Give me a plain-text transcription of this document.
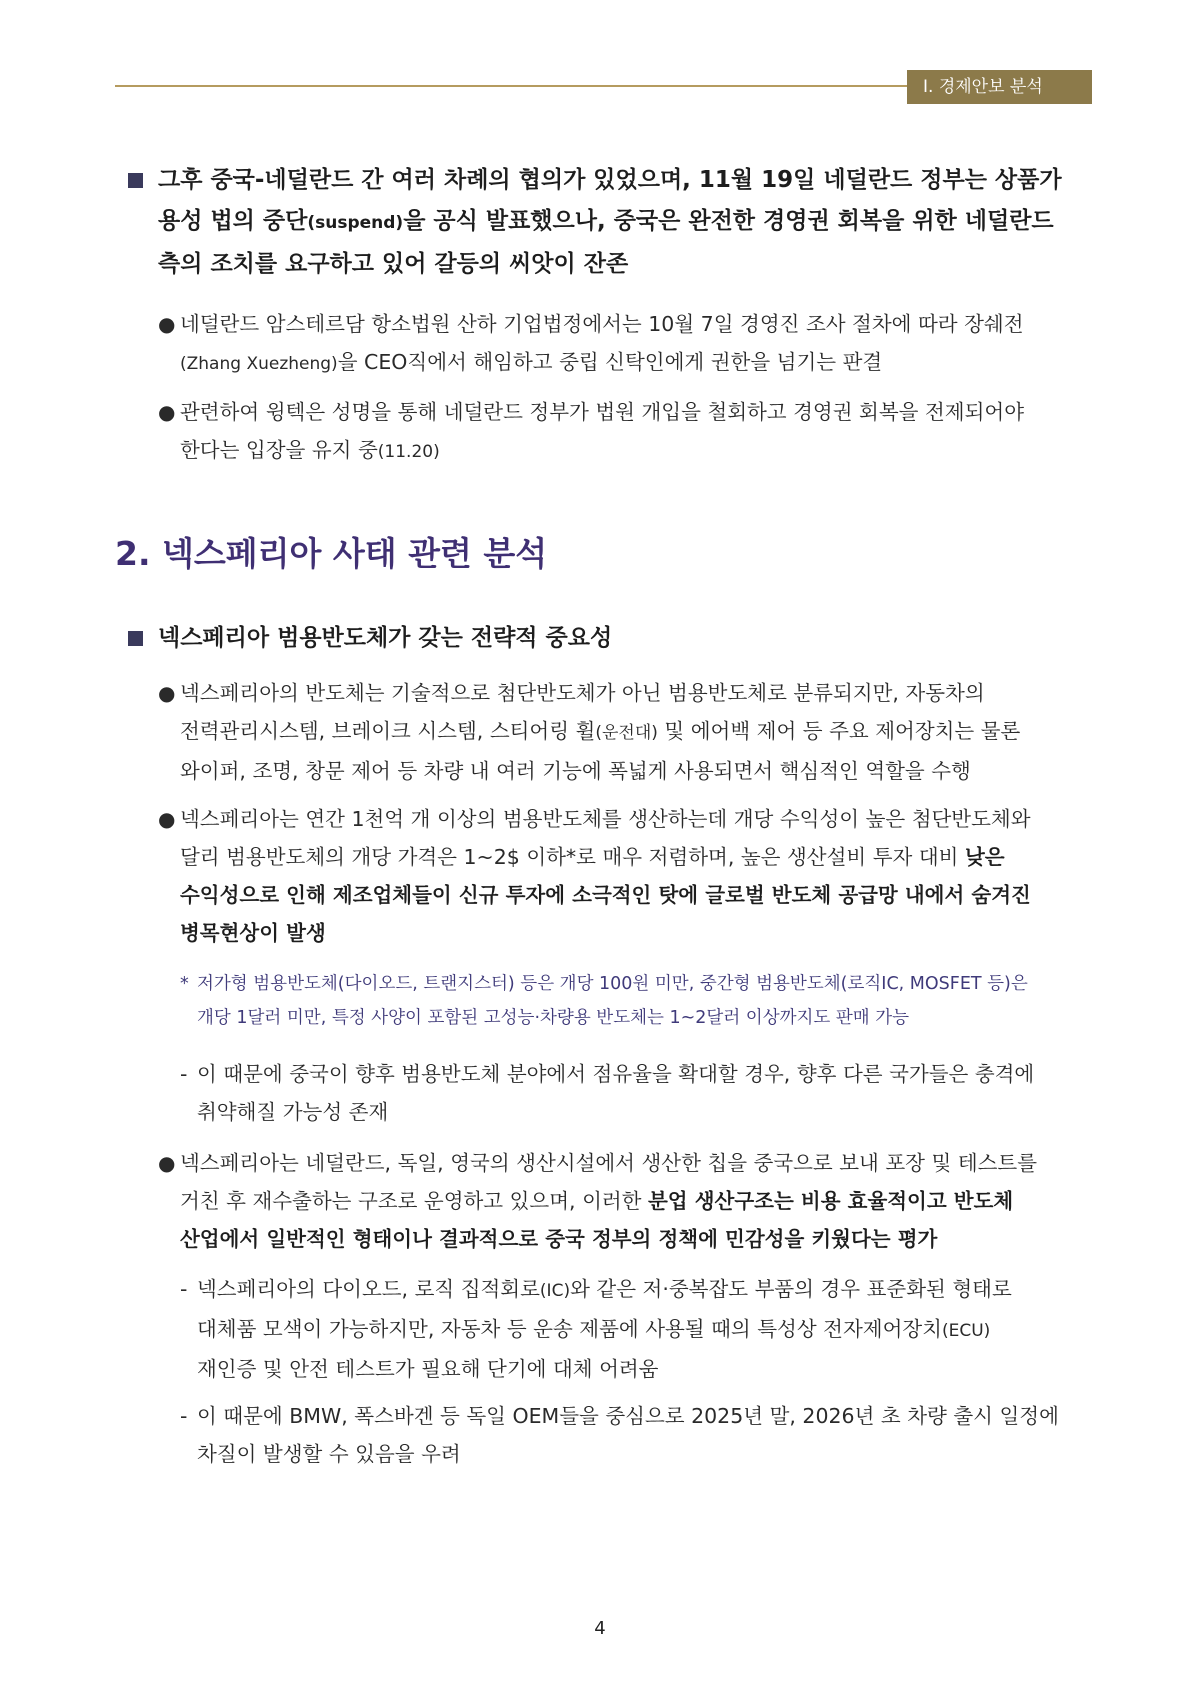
Ⅰ. 경제안보 분석
그후 중국-네덜란드 간 여러 차례의 협의가 있었으며, 11월 19일 네덜란드 정부는 상품가
용성 법의 중단(suspend)을 공식 발표했으나, 중국은 완전한 경영권 회복을 위한 네덜란드
측의 조치를 요구하고 있어 갈등의 씨앗이 잔존
● 네덜란드 암스테르담 항소법원 산하 기업법정에서는 10월 7일 경영진 조사 절차에 따라 장쉐전
(Zhang Xuezheng)을 CEO직에서 해임하고 중립 신탁인에게 권한을 넘기는 판결
● 관련하여 윙텍은 성명을 통해 네덜란드 정부가 법원 개입을 철회하고 경영권 회복을 전제되어야
한다는 입장을 유지 중(11.20)
2. 넥스페리아 사태 관련 분석
넥스페리아 범용반도체가 갖는 전략적 중요성
● 넥스페리아의 반도체는 기술적으로 첨단반도체가 아닌 범용반도체로 분류되지만, 자동차의
전력관리시스템, 브레이크 시스템, 스티어링 휠(운전대) 및 에어백 제어 등 주요 제어장치는 물론
와이퍼, 조명, 창문 제어 등 차량 내 여러 기능에 폭넓게 사용되면서 핵심적인 역할을 수행
● 넥스페리아는 연간 1천억 개 이상의 범용반도체를 생산하는데 개당 수익성이 높은 첨단반도체와
달리 범용반도체의 개당 가격은 1~2$ 이하*로 매우 저렴하며, 높은 생산설비 투자 대비 낮은
수익성으로 인해 제조업체들이 신규 투자에 소극적인 탓에 글로벌 반도체 공급망 내에서 숨겨진
병목현상이 발생
* 저가형 범용반도체(다이오드, 트랜지스터) 등은 개당 100원 미만, 중간형 범용반도체(로직IC, MOSFET 등)은
개당 1달러 미만, 특정 사양이 포함된 고성능·차량용 반도체는 1~2달러 이상까지도 판매 가능
- 이 때문에 중국이 향후 범용반도체 분야에서 점유율을 확대할 경우, 향후 다른 국가들은 충격에
취약해질 가능성 존재
● 넥스페리아는 네덜란드, 독일, 영국의 생산시설에서 생산한 칩을 중국으로 보내 포장 및 테스트를
거친 후 재수출하는 구조로 운영하고 있으며, 이러한 분업 생산구조는 비용 효율적이고 반도체
산업에서 일반적인 형태이나 결과적으로 중국 정부의 정책에 민감성을 키웠다는 평가
- 넥스페리아의 다이오드, 로직 집적회로(IC)와 같은 저·중복잡도 부품의 경우 표준화된 형태로
대체품 모색이 가능하지만, 자동차 등 운송 제품에 사용될 때의 특성상 전자제어장치(ECU)
재인증 및 안전 테스트가 필요해 단기에 대체 어려움
- 이 때문에 BMW, 폭스바겐 등 독일 OEM들을 중심으로 2025년 말, 2026년 초 차량 출시 일정에
차질이 발생할 수 있음을 우려
4
